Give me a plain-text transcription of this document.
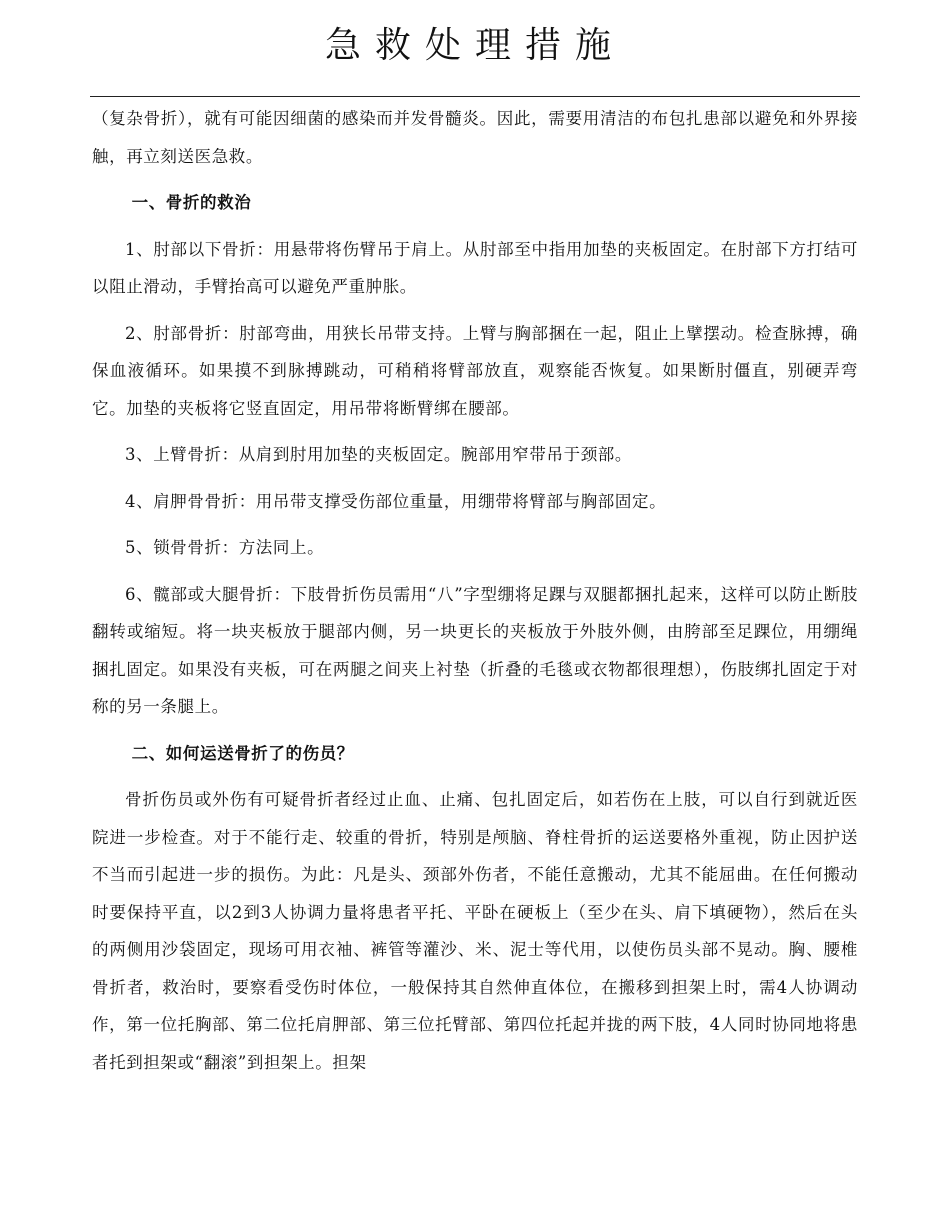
急救处理措施

（复杂骨折），就有可能因细菌的感染而并发骨髓炎。因此，需要用清洁的布包扎患部以避免和外界接触，再立刻送医急救。

一、骨折的救治

1、肘部以下骨折：用悬带将伤臂吊于肩上。从肘部至中指用加垫的夹板固定。在肘部下方打结可以阻止滑动，手臂抬高可以避免严重肿胀。

2、肘部骨折：肘部弯曲，用狭长吊带支持。上臂与胸部捆在一起，阻止上擘摆动。检查脉搏，确保血液循环。如果摸不到脉搏跳动，可稍稍将臂部放直，观察能否恢复。如果断肘僵直，别硬弄弯它。加垫的夹板将它竖直固定，用吊带将断臂绑在腰部。

3、上臂骨折：从肩到肘用加垫的夹板固定。腕部用窄带吊于颈部。

4、肩胛骨骨折：用吊带支撑受伤部位重量，用绷带将臂部与胸部固定。

5、锁骨骨折：方法同上。

6、髋部或大腿骨折：下肢骨折伤员需用“八”字型绷将足踝与双腿都捆扎起来，这样可以防止断肢翻转或缩短。将一块夹板放于腿部内侧，另一块更长的夹板放于外肢外侧，由胯部至足踝位，用绷绳捆扎固定。如果没有夹板，可在两腿之间夹上衬垫（折叠的毛毯或衣物都很理想），伤肢绑扎固定于对称的另一条腿上。

二、如何运送骨折了的伤员？

骨折伤员或外伤有可疑骨折者经过止血、止痛、包扎固定后，如若伤在上肢，可以自行到就近医院进一步检查。对于不能行走、较重的骨折，特别是颅脑、脊柱骨折的运送要格外重视，防止因护送不当而引起进一步的损伤。为此：凡是头、颈部外伤者，不能任意搬动，尤其不能屈曲。在任何搬动时要保持平直，以2到3人协调力量将患者平托、平卧在硬板上（至少在头、肩下填硬物），然后在头的两侧用沙袋固定，现场可用衣袖、裤管等灌沙、米、泥士等代用，以使伤员头部不晃动。胸、腰椎骨折者，救治时，要察看受伤时体位，一般保持其自然伸直体位，在搬移到担架上时，需4人协调动作，第一位托胸部、第二位托肩胛部、第三位托臂部、第四位托起并拢的两下肢，4人同时协同地将患者托到担架或“翻滚”到担架上。担架
